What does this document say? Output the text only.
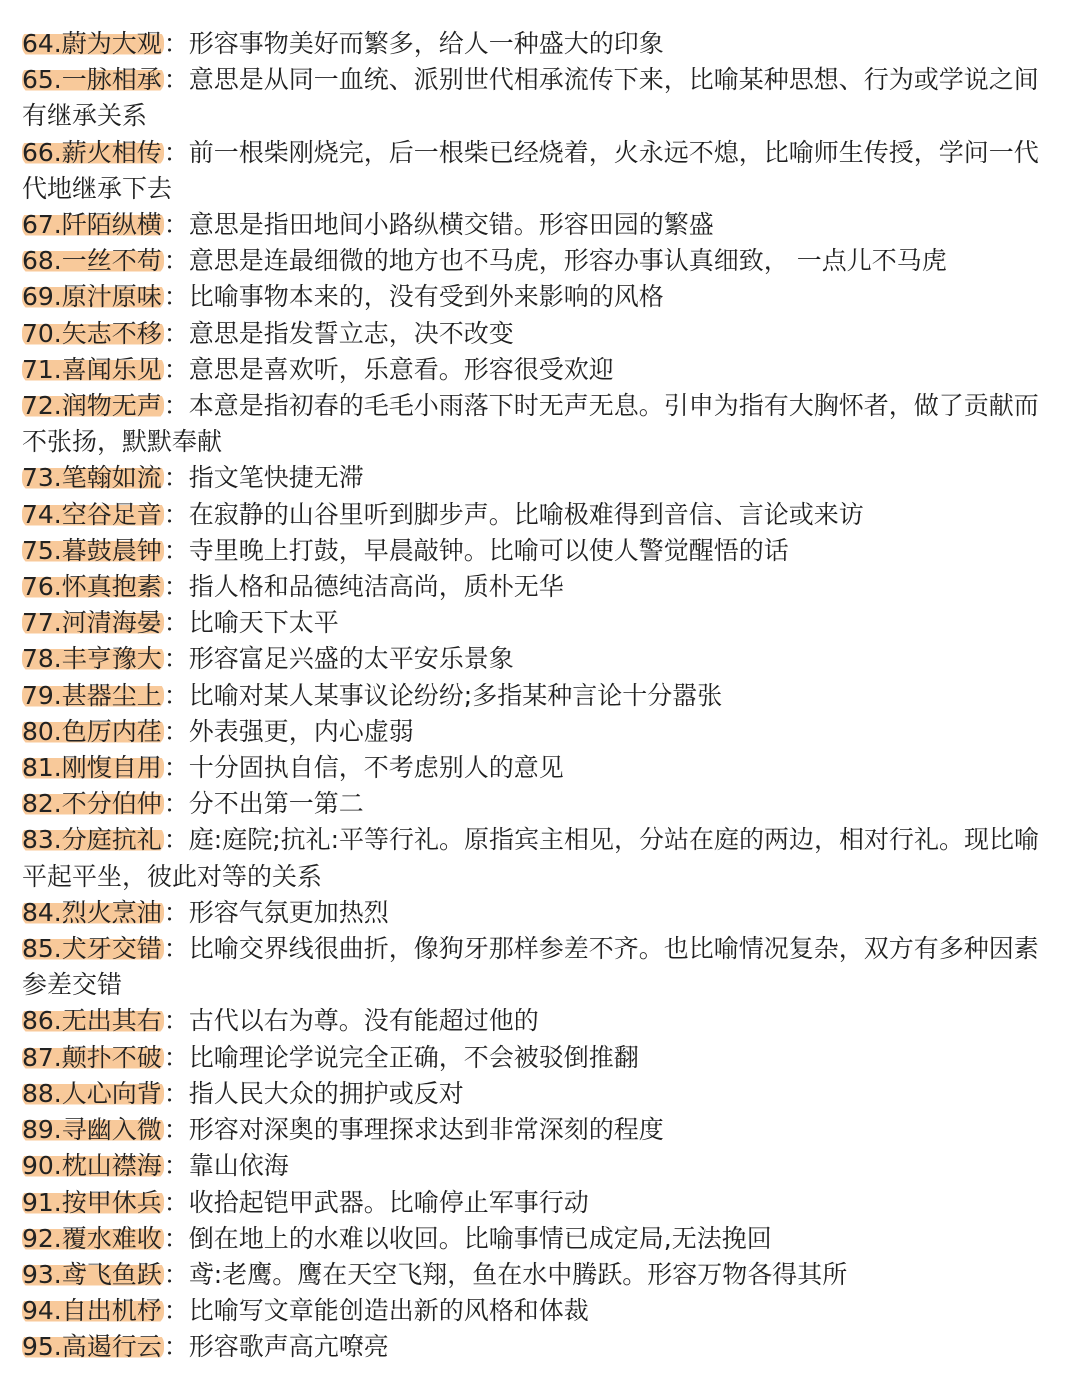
64.蔚为大观：形容事物美好而繁多，给人一种盛大的印象

65.一脉相承：意思是从同一血统、派别世代相承流传下来，比喻某种思想、行为或学说之间有继承关系

66.薪火相传：前一根柴刚烧完，后一根柴已经烧着，火永远不熄，比喻师生传授，学问一代代地继承下去

67.阡陌纵横：意思是指田地间小路纵横交错。形容田园的繁盛

68.一丝不苟：意思是连最细微的地方也不马虎，形容办事认真细致， 一点儿不马虎

69.原汁原味：比喻事物本来的，没有受到外来影响的风格

70.矢志不移：意思是指发誓立志，决不改变

71.喜闻乐见：意思是喜欢听，乐意看。形容很受欢迎

72.润物无声：本意是指初春的毛毛小雨落下时无声无息。引申为指有大胸怀者，做了贡献而不张扬，默默奉献

73.笔翰如流：指文笔快捷无滞

74.空谷足音：在寂静的山谷里听到脚步声。比喻极难得到音信、言论或来访

75.暮鼓晨钟：寺里晚上打鼓，早晨敲钟。比喻可以使人警觉醒悟的话

76.怀真抱素：指人格和品德纯洁高尚，质朴无华

77.河清海晏：比喻天下太平

78.丰亨豫大：形容富足兴盛的太平安乐景象

79.甚器尘上：比喻对某人某事议论纷纷;多指某种言论十分嚣张

80.色厉内荏：外表强更，内心虚弱

81.刚愎自用：十分固执自信，不考虑别人的意见

82.不分伯仲：分不出第一第二

83.分庭抗礼：庭:庭院;抗礼:平等行礼。原指宾主相见，分站在庭的两边，相对行礼。现比喻平起平坐，彼此对等的关系

84.烈火烹油：形容气氛更加热烈

85.犬牙交错：比喻交界线很曲折，像狗牙那样参差不齐。也比喻情况复杂，双方有多种因素参差交错

86.无出其右：古代以右为尊。没有能超过他的

87.颠扑不破：比喻理论学说完全正确，不会被驳倒推翻

88.人心向背：指人民大众的拥护或反对

89.寻幽入微：形容对深奥的事理探求达到非常深刻的程度

90.枕山襟海：靠山依海

91.按甲休兵：收拾起铠甲武器。比喻停止军事行动

92.覆水难收：倒在地上的水难以收回。比喻事情已成定局,无法挽回

93.鸢飞鱼跃：鸢:老鹰。鹰在天空飞翔，鱼在水中腾跃。形容万物各得其所

94.自出机杼：比喻写文章能创造出新的风格和体裁

95.高遏行云：形容歌声高亢嘹亮
